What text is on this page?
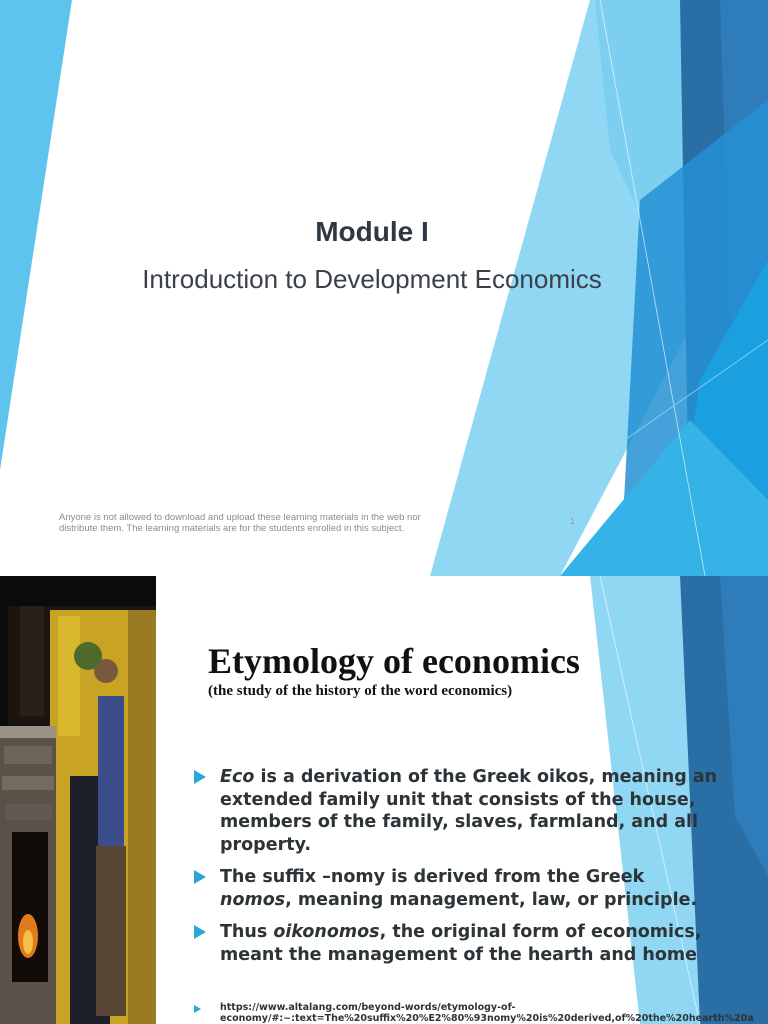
Module I
Introduction to Development Economics
Anyone is not allowed to download and upload these learning materials in the web nor
distribute them. The learning materials are for the students enrolled in this subject.
1
Etymology of economics
(the study of the history of the word economics)
Eco is a derivation of the Greek oikos, meaning an extended family unit that consists of the house, members of the family, slaves, farmland, and all property.
The suffix –nomy is derived from the Greek nomos, meaning management, law, or principle.
Thus oikonomos, the original form of economics, meant the management of the hearth and home
https://www.altalang.com/beyond-words/etymology-of-
economy/#:~:text=The%20suffix%20%E2%80%93nomy%20is%20derived,of%20the%20hearth%20a
